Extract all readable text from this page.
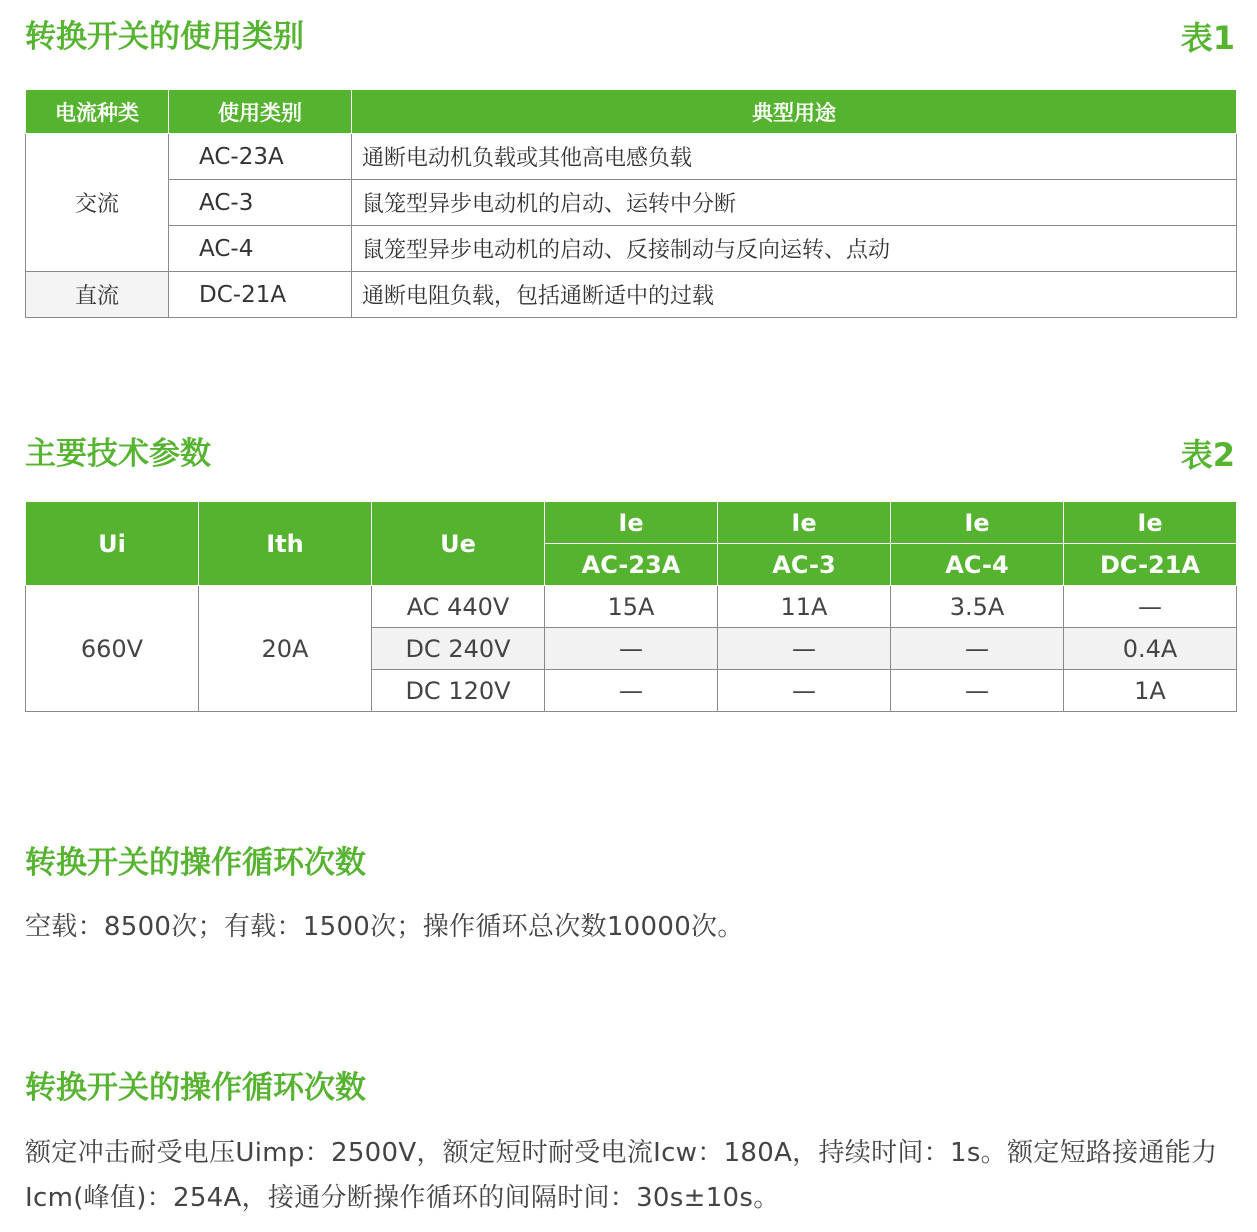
转换开关的使用类别	表1
电流种类	使用类别	典型用途
交流	AC-23A	通断电动机负载或其他高电感负载
	AC-3	鼠笼型异步电动机的启动、运转中分断
	AC-4	鼠笼型异步电动机的启动、反接制动与反向运转、点动
直流	DC-21A	通断电阻负载，包括通断适中的过载
主要技术参数	表2
Ui	Ith	Ue	Ie	Ie	Ie	Ie
			AC-23A	AC-3	AC-4	DC-21A
660V	20A	AC 440V	15A	11A	3.5A	—
		DC 240V	—	—	—	0.4A
		DC 120V	—	—	—	1A
转换开关的操作循环次数

空载：8500次；有载：1500次；操作循环总次数10000次。

转换开关的操作循环次数

额定冲击耐受电压Uimp：2500V，额定短时耐受电流Icw：180A，持续时间：1s。额定短路接通能力Icm(峰值)：254A，接通分断操作循环的间隔时间：30s±10s。
